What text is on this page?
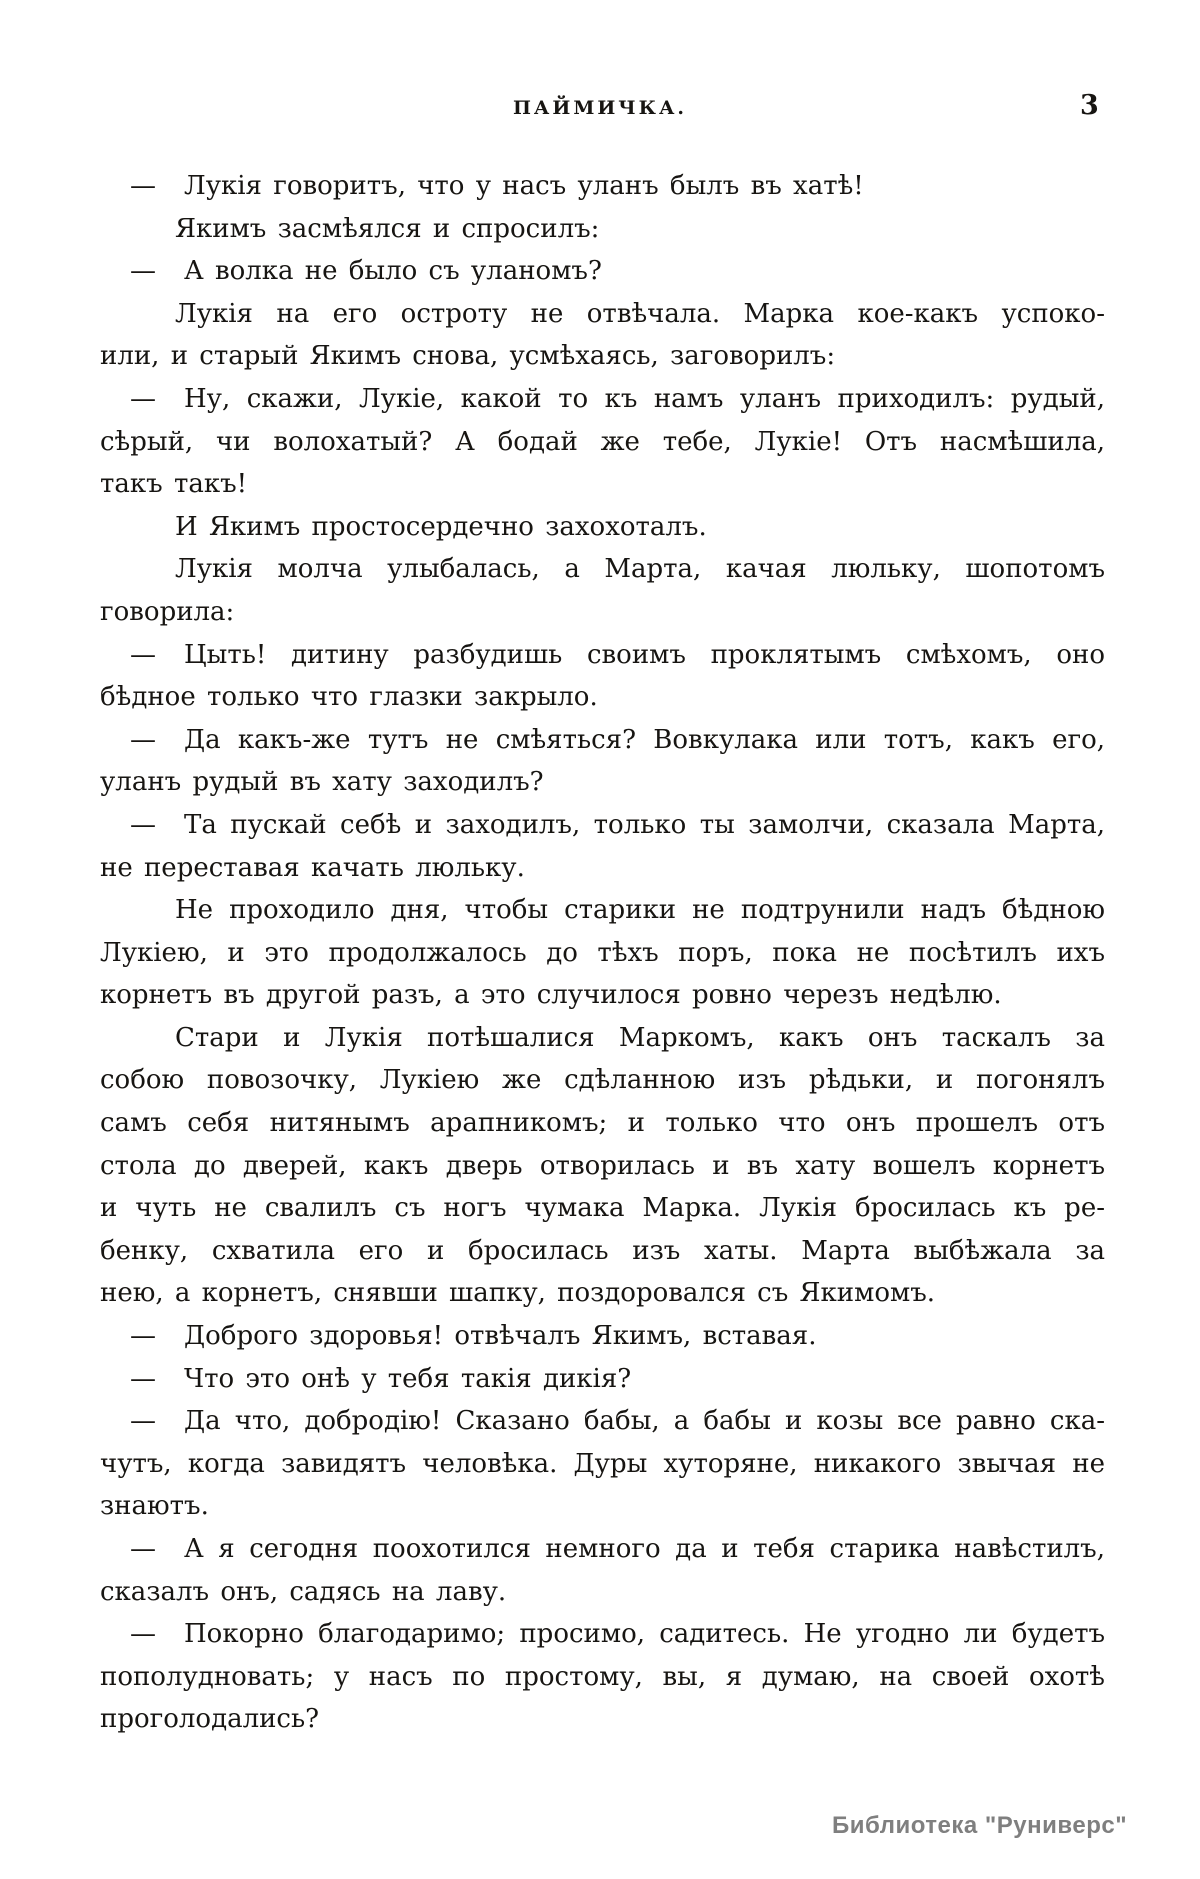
ПАЙМИЧКА.	3
— Лукія говоритъ, что у насъ уланъ былъ въ хатѣ!
Якимъ засмѣялся и спросилъ:
— А волка не было съ уланомъ?
Лукія на его остроту не отвѣчала. Марка кое-какъ успоко-
или, и старый Якимъ снова, усмѣхаясь, заговорилъ:
— Ну, скажи, Лукіе, какой то къ намъ уланъ приходилъ: рудый,
сѣрый, чи волохатый? А бодай же тебе, Лукіе! Отъ насмѣшила,
такъ такъ!
И Якимъ простосердечно захохоталъ.
Лукія молча улыбалась, а Марта, качая люльку, шопотомъ
говорила:
— Цыть! дитину разбудишь своимъ проклятымъ смѣхомъ, оно
бѣдное только что глазки закрыло.
— Да какъ-же тутъ не смѣяться? Вовкулака или тотъ, какъ его,
уланъ рудый въ хату заходилъ?
— Та пускай себѣ и заходилъ, только ты замолчи, сказала Марта,
не переставая качать люльку.
Не проходило дня, чтобы старики не подтрунили надъ бѣдною
Лукіею, и это продолжалось до тѣхъ поръ, пока не посѣтилъ ихъ
корнетъ въ другой разъ, а это случилося ровно черезъ недѣлю.
Стари и Лукія потѣшалися Маркомъ, какъ онъ таскалъ за
собою повозочку, Лукіею же сдѣланною изъ рѣдьки, и погонялъ
самъ себя нитянымъ арапникомъ; и только что онъ прошелъ отъ
стола до дверей, какъ дверь отворилась и въ хату вошелъ корнетъ
и чуть не свалилъ съ ногъ чумака Марка. Лукія бросилась къ ре-
бенку, схватила его и бросилась изъ хаты. Марта выбѣжала за
нею, а корнетъ, снявши шапку, поздоровался съ Якимомъ.
— Доброго здоровья! отвѣчалъ Якимъ, вставая.
— Что это онѣ у тебя такія дикія?
— Да что, добродію! Сказано бабы, а бабы и козы все равно ска-
чутъ, когда завидятъ человѣка. Дуры хуторяне, никакого звычая не
знаютъ.
— А я сегодня поохотился немного да и тебя старика навѣстилъ,
сказалъ онъ, садясь на лаву.
— Покорно благодаримо; просимо, садитесь. Не угодно ли будетъ
пополудновать; у насъ по простому, вы, я думаю, на своей охотѣ
проголодались?
Библиотека "Руниверс"
